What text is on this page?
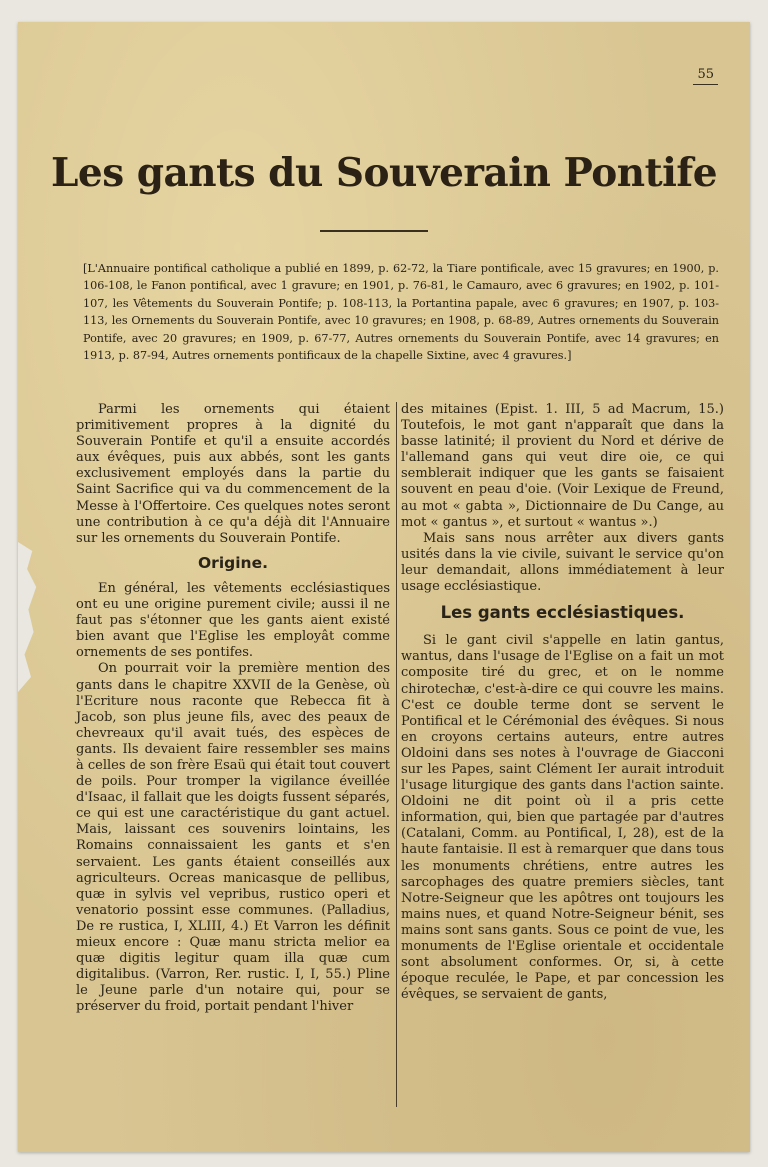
55
Les gants du Souverain Pontife

[L'Annuaire pontifical catholique a publié en 1899, p. 62-72, la Tiare pontificale, avec 15 gravures; en 1900, p. 106-108, le Fanon pontifical, avec 1 gravure; en 1901, p. 76-81, le Camauro, avec 6 gravures; en 1902, p. 101-107, les Vêtements du Souverain Pontife; p. 108-113, la Portantina papale, avec 6 gravures; en 1907, p. 103-113, les Ornements du Souverain Pontife, avec 10 gravures; en 1908, p. 68-89, Autres ornements du Souverain Pontife, avec 20 gravures; en 1909, p. 67-77, Autres ornements du Souverain Pontife, avec 14 gravures; en 1913, p. 87-94, Autres ornements pontificaux de la chapelle Sixtine, avec 4 gravures.]

Parmi les ornements qui étaient primitivement propres à la dignité du Souverain Pontife et qu'il a ensuite accordés aux évêques, puis aux abbés, sont les gants exclusivement employés dans la partie du Saint Sacrifice qui va du commencement de la Messe à l'Offertoire. Ces quelques notes seront une contribution à ce qu'a déjà dit l'Annuaire sur les ornements du Souverain Pontife.

Origine.

En général, les vêtements ecclésiastiques ont eu une origine purement civile; aussi il ne faut pas s'étonner que les gants aient existé bien avant que l'Eglise les employât comme ornements de ses pontifes.

On pourrait voir la première mention des gants dans le chapitre XXVII de la Genèse, où l'Ecriture nous raconte que Rebecca fit à Jacob, son plus jeune fils, avec des peaux de chevreaux qu'il avait tués, des espèces de gants. Ils devaient faire ressembler ses mains à celles de son frère Esaü qui était tout couvert de poils. Pour tromper la vigilance éveillée d'Isaac, il fallait que les doigts fussent séparés, ce qui est une caractéristique du gant actuel. Mais, laissant ces souvenirs lointains, les Romains connaissaient les gants et s'en servaient. Les gants étaient conseillés aux agriculteurs. Ocreas manicasque de pellibus, quæ in sylvis vel vepribus, rustico operi et venatorio possint esse communes. (Palladius, De re rustica, I, XLIII, 4.) Et Varron les définit mieux encore : Quæ manu stricta melior ea quæ digitis legitur quam illa quæ cum digitalibus. (Varron, Rer. rustic. I, I, 55.) Pline le Jeune parle d'un notaire qui, pour se préserver du froid, portait pendant l'hiver

des mitaines (Epist. 1. III, 5 ad Macrum, 15.) Toutefois, le mot gant n'apparaît que dans la basse latinité; il provient du Nord et dérive de l'allemand gans qui veut dire oie, ce qui semblerait indiquer que les gants se faisaient souvent en peau d'oie. (Voir Lexique de Freund, au mot « gabta », Dictionnaire de Du Cange, au mot « gantus », et surtout « wantus ».)

Mais sans nous arrêter aux divers gants usités dans la vie civile, suivant le service qu'on leur demandait, allons immédiatement à leur usage ecclésiastique.

Les gants ecclésiastiques.

Si le gant civil s'appelle en latin gantus, wantus, dans l'usage de l'Eglise on a fait un mot composite tiré du grec, et on le nomme chirotechæ, c'est-à-dire ce qui couvre les mains. C'est ce double terme dont se servent le Pontifical et le Cérémonial des évêques. Si nous en croyons certains auteurs, entre autres Oldoini dans ses notes à l'ouvrage de Giacconi sur les Papes, saint Clément Ier aurait introduit l'usage liturgique des gants dans l'action sainte. Oldoini ne dit point où il a pris cette information, qui, bien que partagée par d'autres (Catalani, Comm. au Pontifical, I, 28), est de la haute fantaisie. Il est à remarquer que dans tous les monuments chrétiens, entre autres les sarcophages des quatre premiers siècles, tant Notre-Seigneur que les apôtres ont toujours les mains nues, et quand Notre-Seigneur bénit, ses mains sont sans gants. Sous ce point de vue, les monuments de l'Eglise orientale et occidentale sont absolument conformes. Or, si, à cette époque reculée, le Pape, et par concession les évêques, se servaient de gants,
